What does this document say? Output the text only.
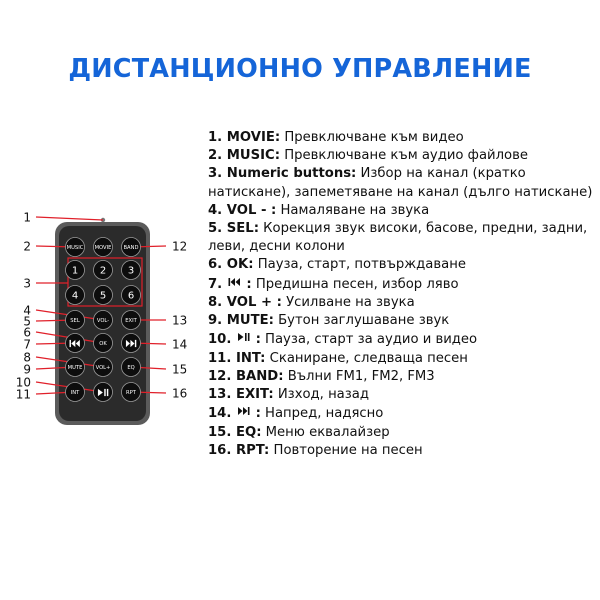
ДИСТАНЦИОННО УПРАВЛЕНИЕ
1. MOVIE: Превключване към видео
2. MUSIC: Превключване към аудио файлове
3. Numeric buttons: Избор на канал (кратко натискане), запеметяване на канал (дълго натискане)
4. VOL - : Намаляване на звука
5. SEL: Корекция звук високи, басове, предни, задни, леви, десни колони
6. OK: Пауза, старт, потвърждаване
7. : Предишна песен, избор ляво
8. VOL + : Усилване на звука
9. MUTE: Бутон заглушаване звук
10. : Пауза, старт за аудио и видео
11. INT: Сканиране, следваща песен
12. BAND: Вълни FM1, FM2, FM3
13. EXIT: Изход, назад
14. : Напред, надясно
15. EQ: Меню еквалайзер
16. RPT: Повторение на песен
MUSIC MOVIE BAND
1 2 3
4 5 6
SEL	VOL-	EXIT
OK
MUTE	VOL+	EQ
INT	RPT
1
2
3
4
5
6
7
8
9
10
11
12
13
14
15
16
